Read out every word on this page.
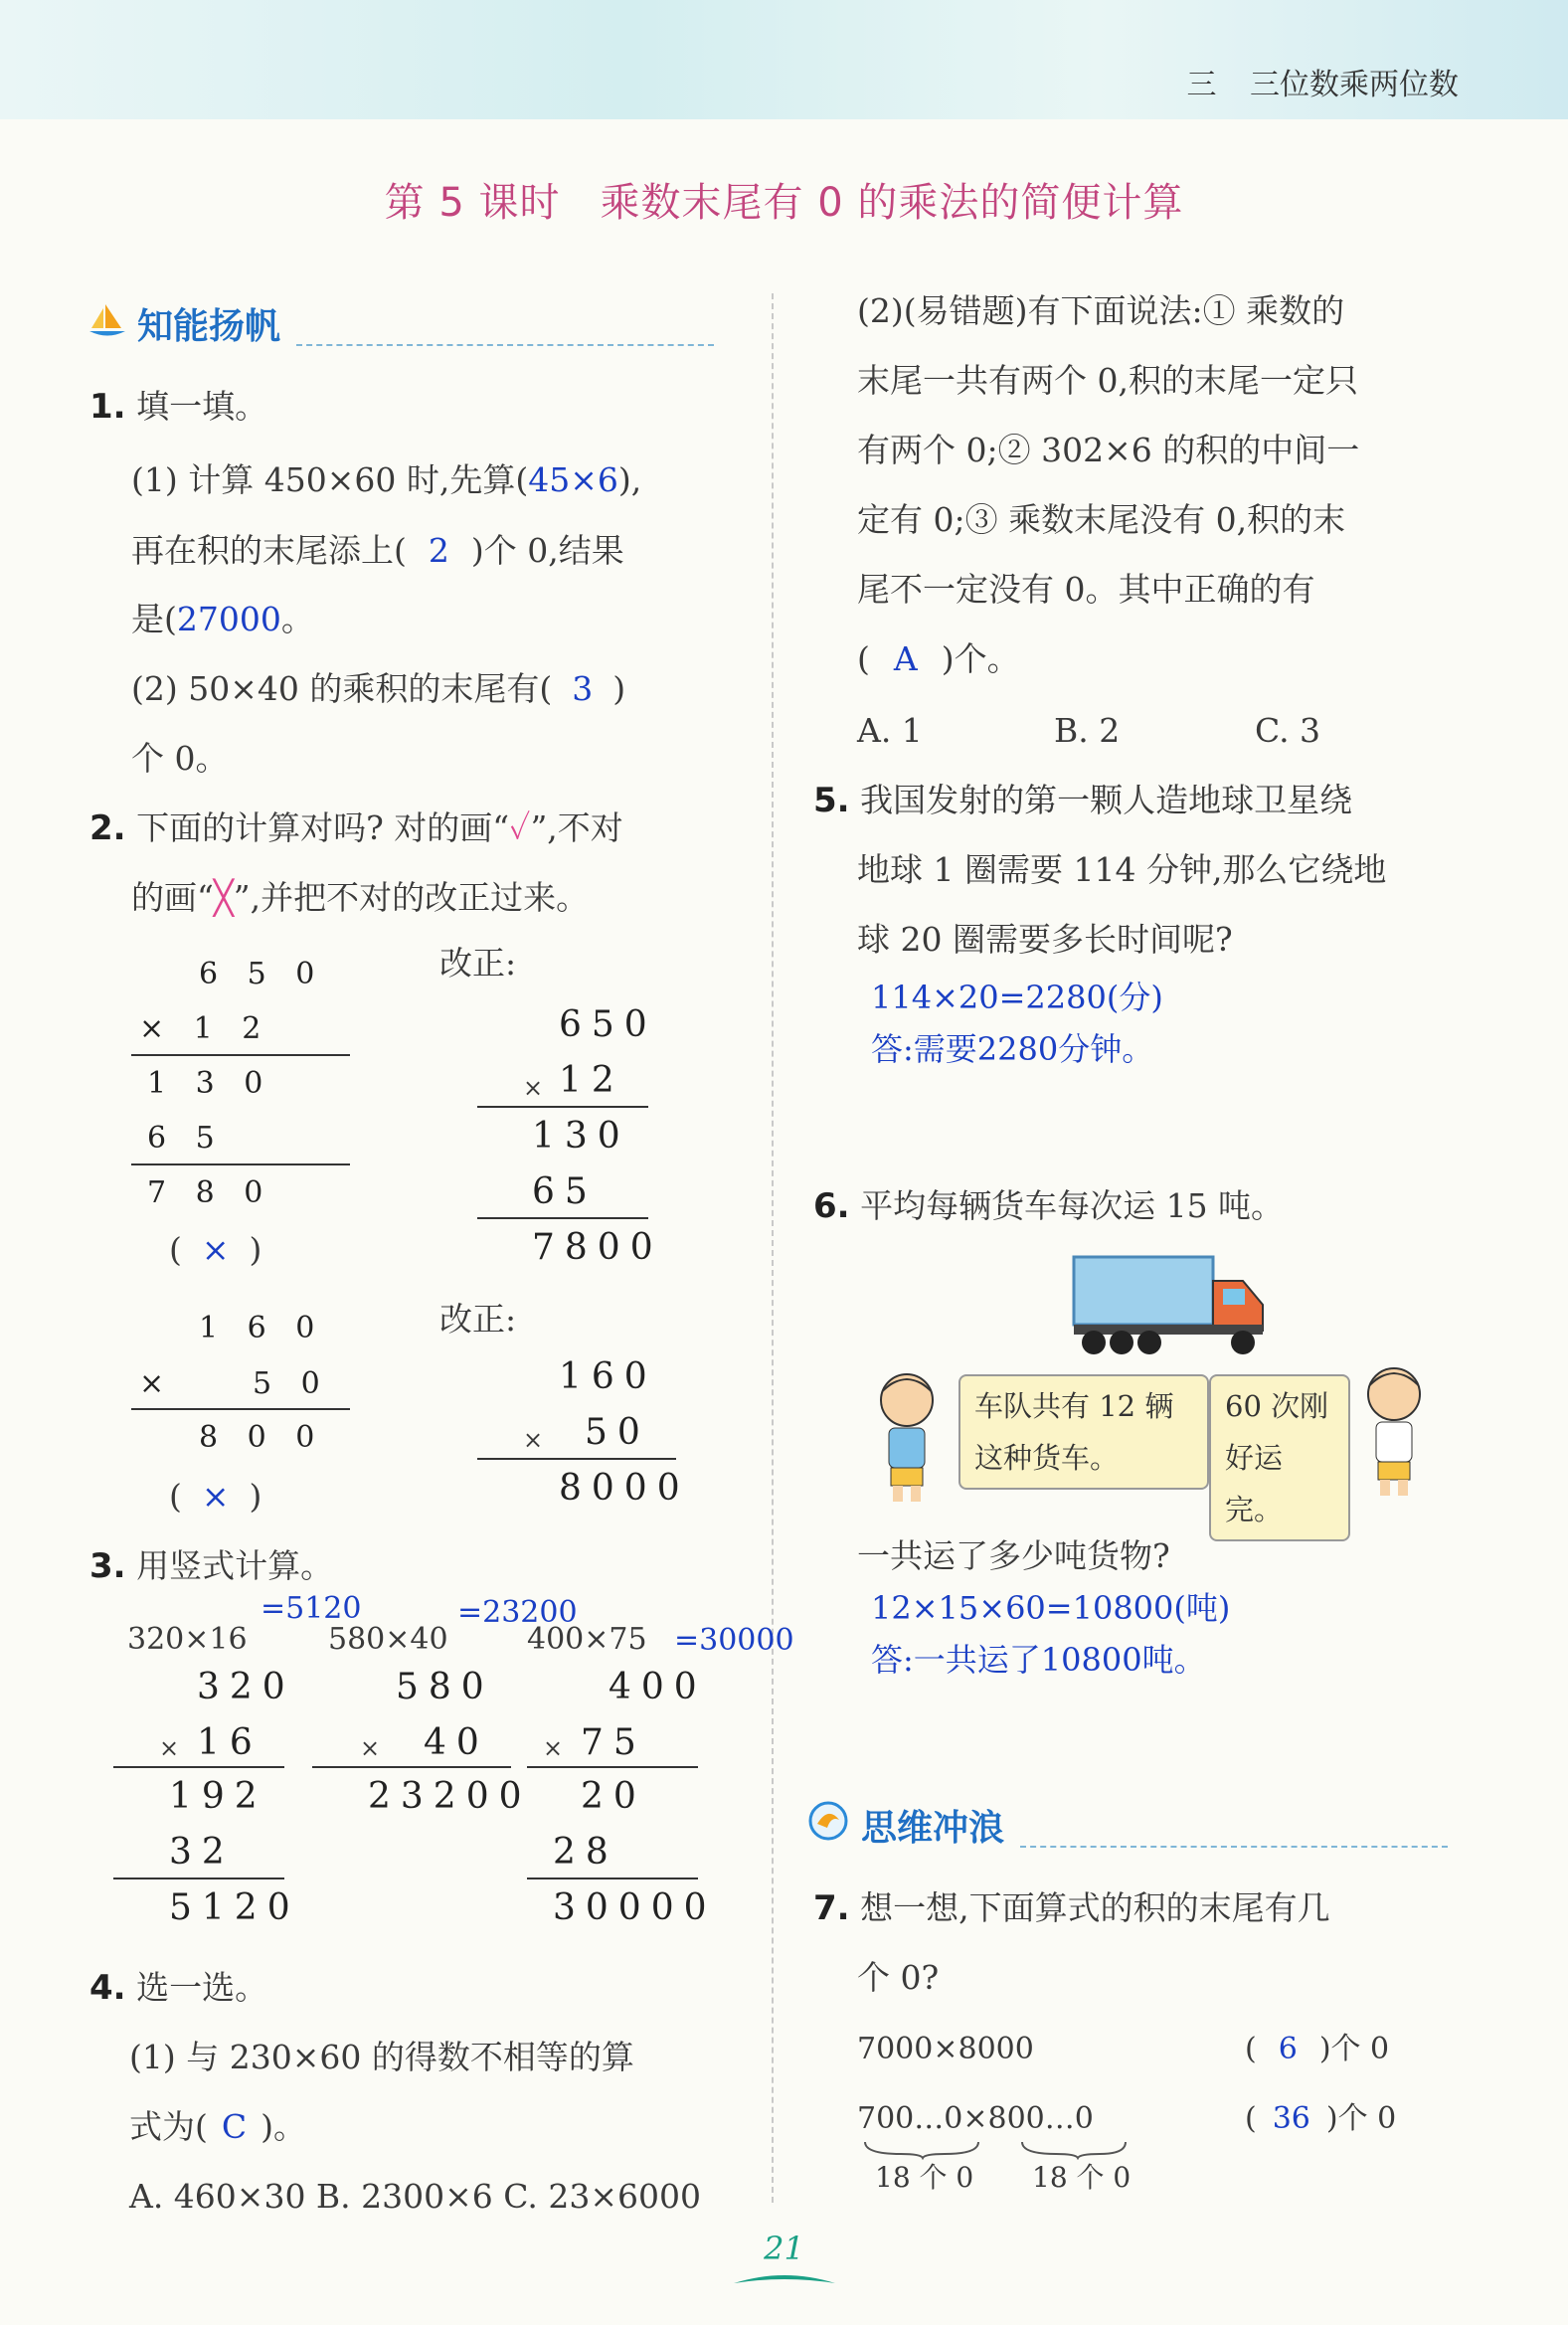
三 三位数乘两位数
第 5 课时 乘数末尾有 0 的乘法的简便计算
知能扬帆
1. 填一填。
(1) 计算 450×60 时,先算(45×6),
再在积的末尾添上( 2 )个 0,结果
是(27000。
(2) 50×40 的乘积的末尾有( 3 )
个 0。
2. 下面的计算对吗? 对的画“✓”,不对
的画“╳”,并把不对的改正过来。
6 5 0
× 1 2
1 3 0
6 5
7 8 0
( × )
改正:
650
× 12
130
65
7800
1 6 0
×	5 0
8 0 0
( × )
改正:
160
× 50
8000
3. 用竖式计算。
=5120	=23200
320×16	580×40	400×75 =30000
320
× 16
192
32
5120
580
× 40
23200
400
× 75
20
28
30000
4. 选一选。
(1) 与 230×60 的得数不相等的算
式为( C )。
A. 460×30 B. 2300×6 C. 23×6000
(2)(易错题)有下面说法:① 乘数的
末尾一共有两个 0,积的末尾一定只
有两个 0;② 302×6 的积的中间一
定有 0;③ 乘数末尾没有 0,积的末
尾不一定没有 0。其中正确的有
( A )个。
A. 1	B. 2	C. 3
5. 我国发射的第一颗人造地球卫星绕
地球 1 圈需要 114 分钟,那么它绕地
球 20 圈需要多长时间呢?
114×20=2280(分)
答:需要2280分钟。
6. 平均每辆货车每次运 15 吨。
车队共有 12 辆
这种货车。
60 次刚
好运完。
一共运了多少吨货物?
12×15×60=10800(吨)
答:一共运了10800吨。
思维冲浪
7. 想一想,下面算式的积的末尾有几
个 0?
7000×8000	( 6 )个 0
700…0×800…0	( 36 )个 0
18 个 0 18 个 0
21
